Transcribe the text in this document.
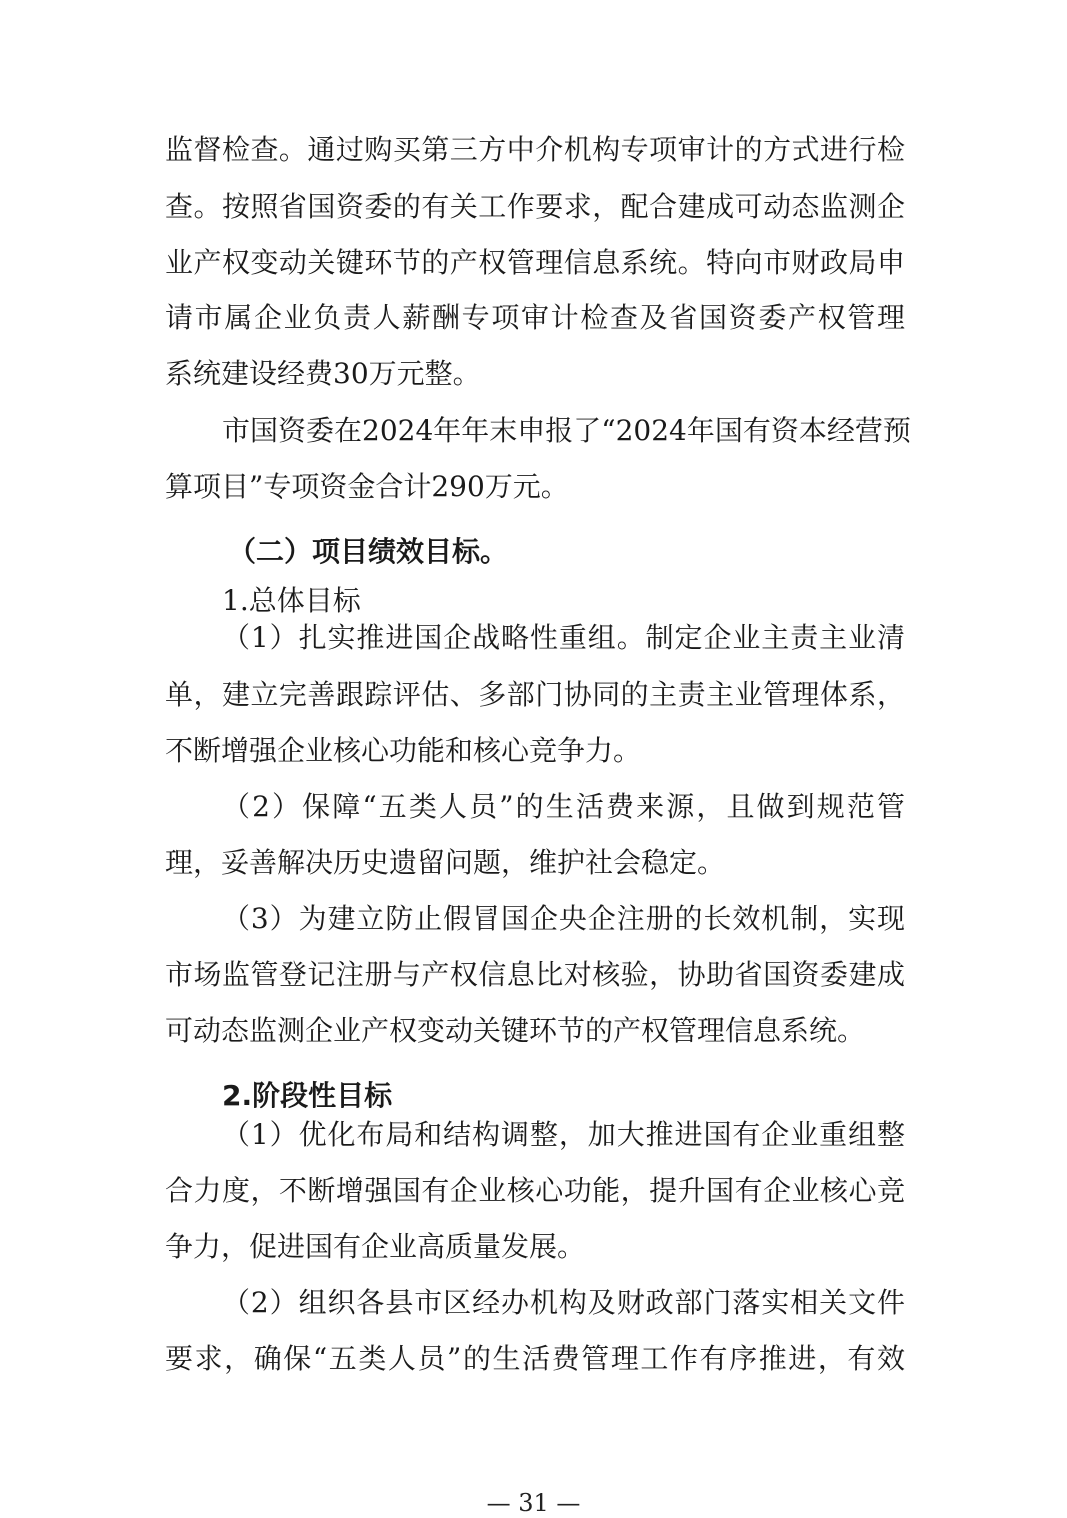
监督检查。通过购买第三方中介机构专项审计的方式进行检
查。按照省国资委的有关工作要求，配合建成可动态监测企
业产权变动关键环节的产权管理信息系统。特向市财政局申
请市属企业负责人薪酬专项审计检查及省国资委产权管理
系统建设经费30万元整。
市国资委在2024年年末申报了“2024年国有资本经营预
算项目”专项资金合计290万元。
（二）项目绩效目标。
1.总体目标
（1）扎实推进国企战略性重组。制定企业主责主业清
单，建立完善跟踪评估、多部门协同的主责主业管理体系，
不断增强企业核心功能和核心竞争力。
（2）保障“五类人员”的生活费来源，且做到规范管
理，妥善解决历史遗留问题，维护社会稳定。
（3）为建立防止假冒国企央企注册的长效机制，实现
市场监管登记注册与产权信息比对核验，协助省国资委建成
可动态监测企业产权变动关键环节的产权管理信息系统。
2.阶段性目标
（1）优化布局和结构调整，加大推进国有企业重组整
合力度，不断增强国有企业核心功能，提升国有企业核心竞
争力，促进国有企业高质量发展。
（2）组织各县市区经办机构及财政部门落实相关文件
要求，确保“五类人员”的生活费管理工作有序推进，有效
— 31 —
